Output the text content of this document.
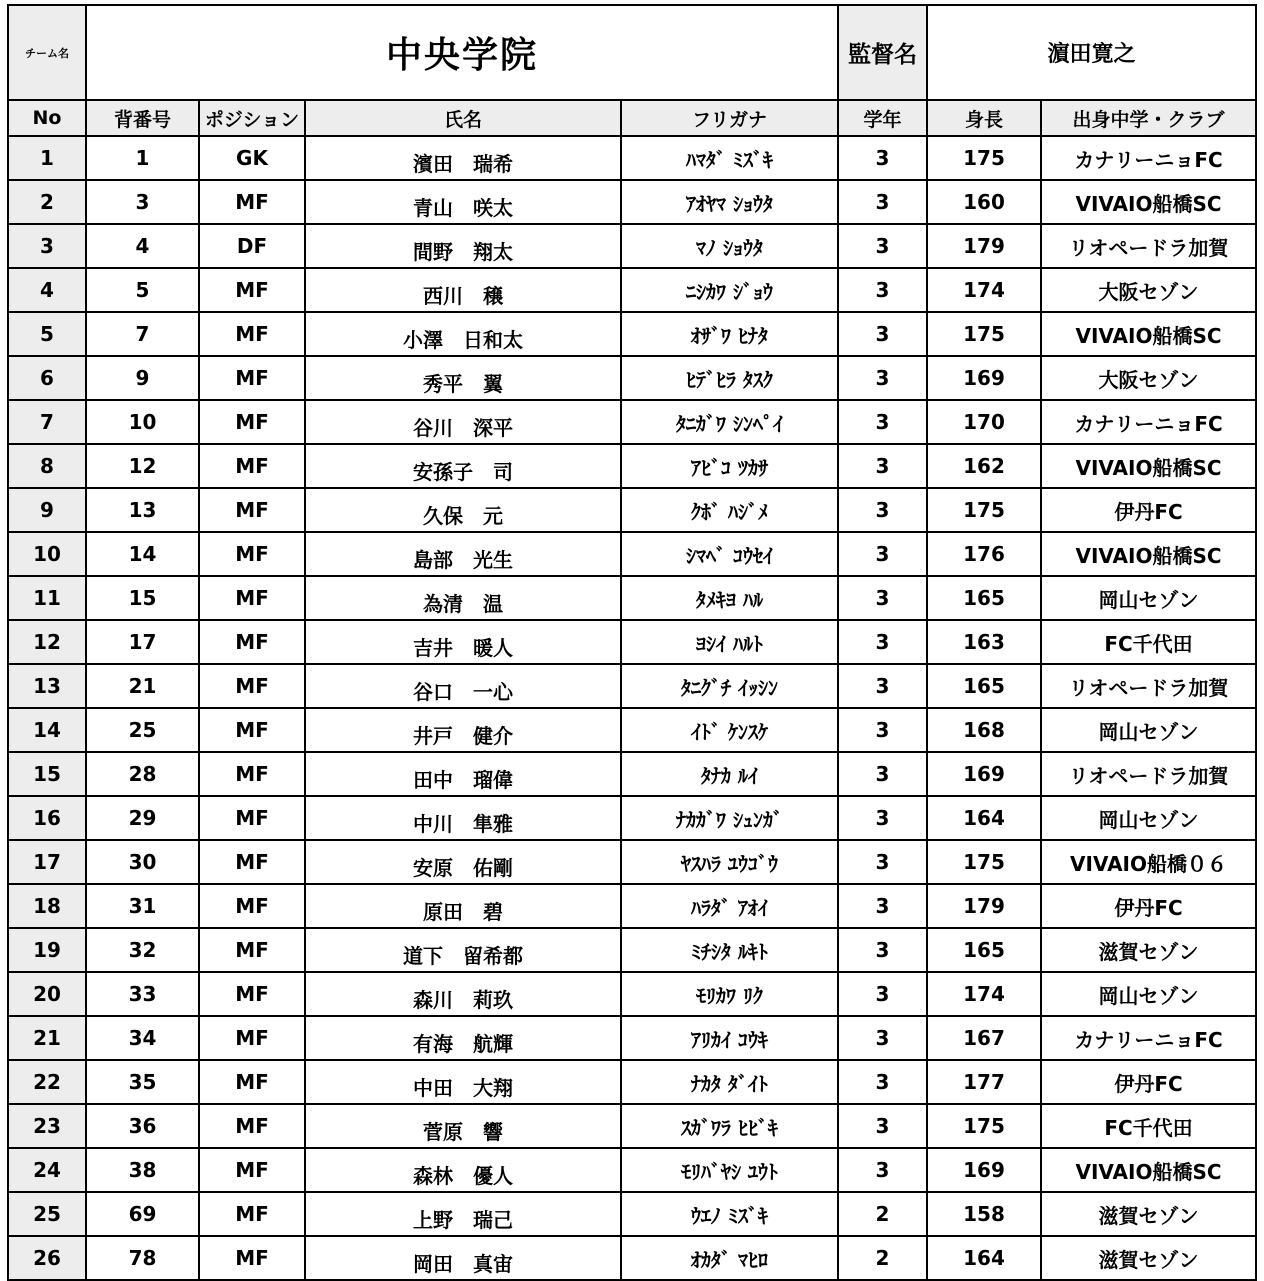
チーム名	中央学院				監督名	濵田寛之	
No	背番号	ポジション	氏名	フリガナ	学年	身長	出身中学・クラブ
1	1	GK	濱田　瑞希	ﾊﾏﾀﾞ ﾐｽﾞｷ	3	175	カナリーニョFC
2	3	MF	青山　咲太	ｱｵﾔﾏ ｼｮｳﾀ	3	160	VIVAIO船橋SC
3	4	DF	間野　翔太	ﾏﾉ ｼｮｳﾀ	3	179	リオペードラ加賀
4	5	MF	西川　穣	ﾆｼｶﾜ ｼﾞｮｳ	3	174	大阪セゾン
5	7	MF	小澤　日和太	ｵｻﾞﾜ ﾋﾅﾀ	3	175	VIVAIO船橋SC
6	9	MF	秀平　翼	ﾋﾃﾞﾋﾗ ﾀｽｸ	3	169	大阪セゾン
7	10	MF	谷川　深平	ﾀﾆｶﾞﾜ ｼﾝﾍﾟｲ	3	170	カナリーニョFC
8	12	MF	安孫子　司	ｱﾋﾞｺ ﾂｶｻ	3	162	VIVAIO船橋SC
9	13	MF	久保　元	ｸﾎﾞ ﾊｼﾞﾒ	3	175	伊丹FC
10	14	MF	島部　光生	ｼﾏﾍﾞ ｺｳｾｲ	3	176	VIVAIO船橋SC
11	15	MF	為清　温	ﾀﾒｷﾖ ﾊﾙ	3	165	岡山セゾン
12	17	MF	吉井　暖人	ﾖｼｲ ﾊﾙﾄ	3	163	FC千代田
13	21	MF	谷口　一心	ﾀﾆｸﾞﾁ ｲｯｼﾝ	3	165	リオペードラ加賀
14	25	MF	井戸　健介	ｲﾄﾞ ｹﾝｽｹ	3	168	岡山セゾン
15	28	MF	田中　瑠偉	ﾀﾅｶ ﾙｲ	3	169	リオペードラ加賀
16	29	MF	中川　隼雅	ﾅｶｶﾞﾜ ｼｭﾝｶﾞ	3	164	岡山セゾン
17	30	MF	安原　佑剛	ﾔｽﾊﾗ ﾕｳｺﾞｳ	3	175	VIVAIO船橋０６
18	31	MF	原田　碧	ﾊﾗﾀﾞ ｱｵｲ	3	179	伊丹FC
19	32	MF	道下　留希都	ﾐﾁｼﾀ ﾙｷﾄ	3	165	滋賀セゾン
20	33	MF	森川　莉玖	ﾓﾘｶﾜ ﾘｸ	3	174	岡山セゾン
21	34	MF	有海　航輝	ｱﾘｶｲ ｺｳｷ	3	167	カナリーニョFC
22	35	MF	中田　大翔	ﾅｶﾀ ﾀﾞｲﾄ	3	177	伊丹FC
23	36	MF	菅原　響	ｽｶﾞﾜﾗ ﾋﾋﾞｷ	3	175	FC千代田
24	38	MF	森林　優人	ﾓﾘﾊﾞﾔｼ ﾕｳﾄ	3	169	VIVAIO船橋SC
25	69	MF	上野　瑞己	ｳｴﾉ ﾐｽﾞｷ	2	158	滋賀セゾン
26	78	MF	岡田　真宙	ｵｶﾀﾞ ﾏﾋﾛ	2	164	滋賀セゾン
